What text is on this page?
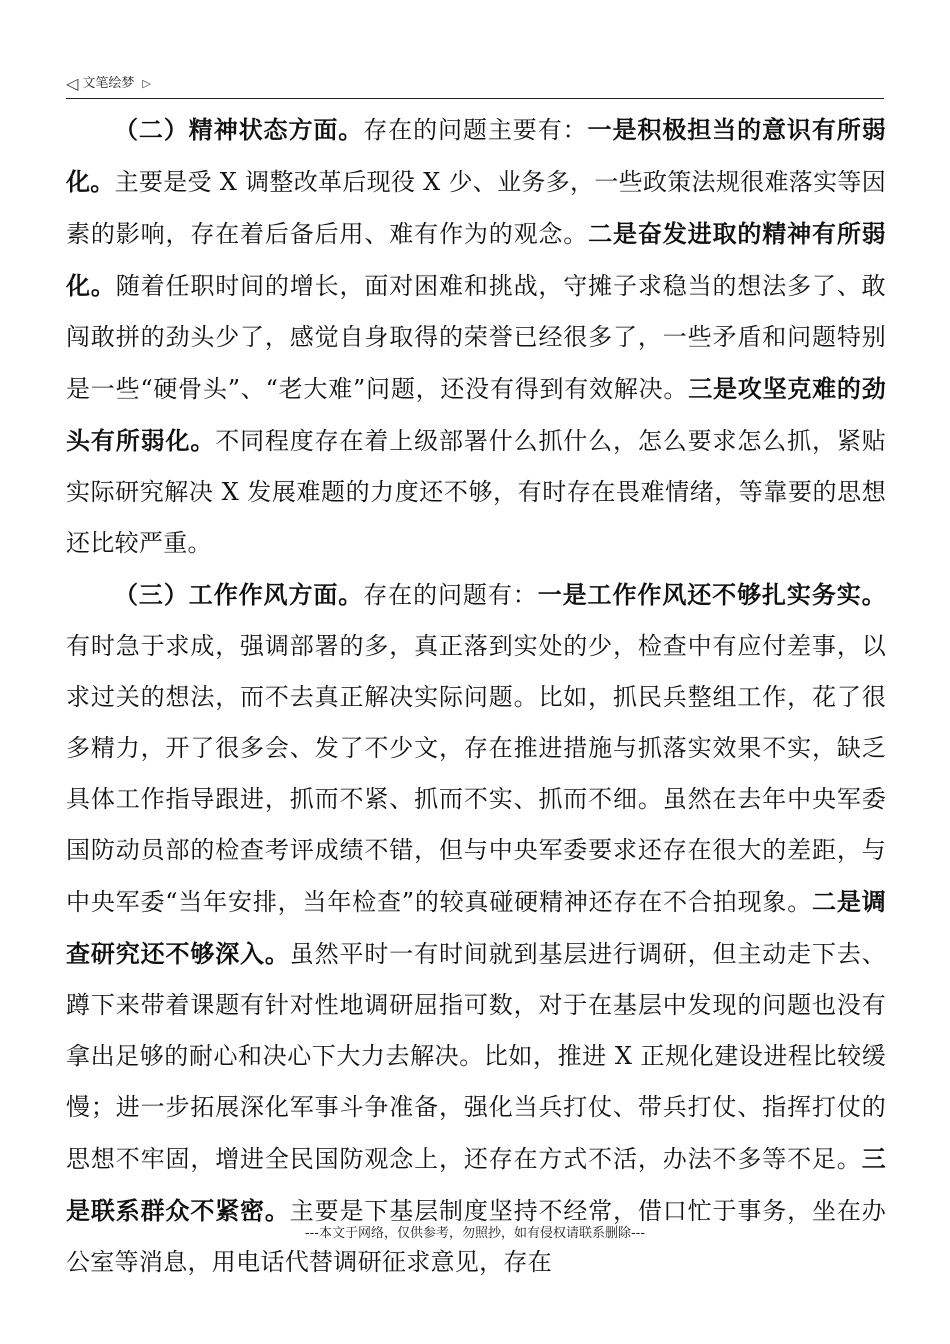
◁ 文笔绘梦 ▷

（二）精神状态方面。存在的问题主要有：一是积极担当的意识有所弱化。主要是受 X 调整改革后现役 X 少、业务多，一些政策法规很难落实等因素的影响，存在着后备后用、难有作为的观念。二是奋发进取的精神有所弱化。随着任职时间的增长，面对困难和挑战，守摊子求稳当的想法多了、敢闯敢拼的劲头少了，感觉自身取得的荣誉已经很多了，一些矛盾和问题特别是一些“硬骨头”、“老大难”问题，还没有得到有效解决。三是攻坚克难的劲头有所弱化。不同程度存在着上级部署什么抓什么，怎么要求怎么抓，紧贴实际研究解决 X 发展难题的力度还不够，有时存在畏难情绪，等靠要的思想还比较严重。

（三）工作作风方面。存在的问题有：一是工作作风还不够扎实务实。有时急于求成，强调部署的多，真正落到实处的少，检查中有应付差事，以求过关的想法，而不去真正解决实际问题。比如，抓民兵整组工作，花了很多精力，开了很多会、发了不少文，存在推进措施与抓落实效果不实，缺乏具体工作指导跟进，抓而不紧、抓而不实、抓而不细。虽然在去年中央军委国防动员部的检查考评成绩不错，但与中央军委要求还存在很大的差距，与中央军委“当年安排，当年检查”的较真碰硬精神还存在不合拍现象。二是调查研究还不够深入。虽然平时一有时间就到基层进行调研，但主动走下去、蹲下来带着课题有针对性地调研屈指可数，对于在基层中发现的问题也没有拿出足够的耐心和决心下大力去解决。比如，推进 X 正规化建设进程比较缓慢；进一步拓展深化军事斗争准备，强化当兵打仗、带兵打仗、指挥打仗的思想不牢固，增进全民国防观念上，还存在方式不活，办法不多等不足。三是联系群众不紧密。主要是下基层制度坚持不经常，借口忙于事务，坐在办公室等消息，用电话代替调研征求意见，存在

---本文于网络，仅供参考，勿照抄，如有侵权请联系删除---
